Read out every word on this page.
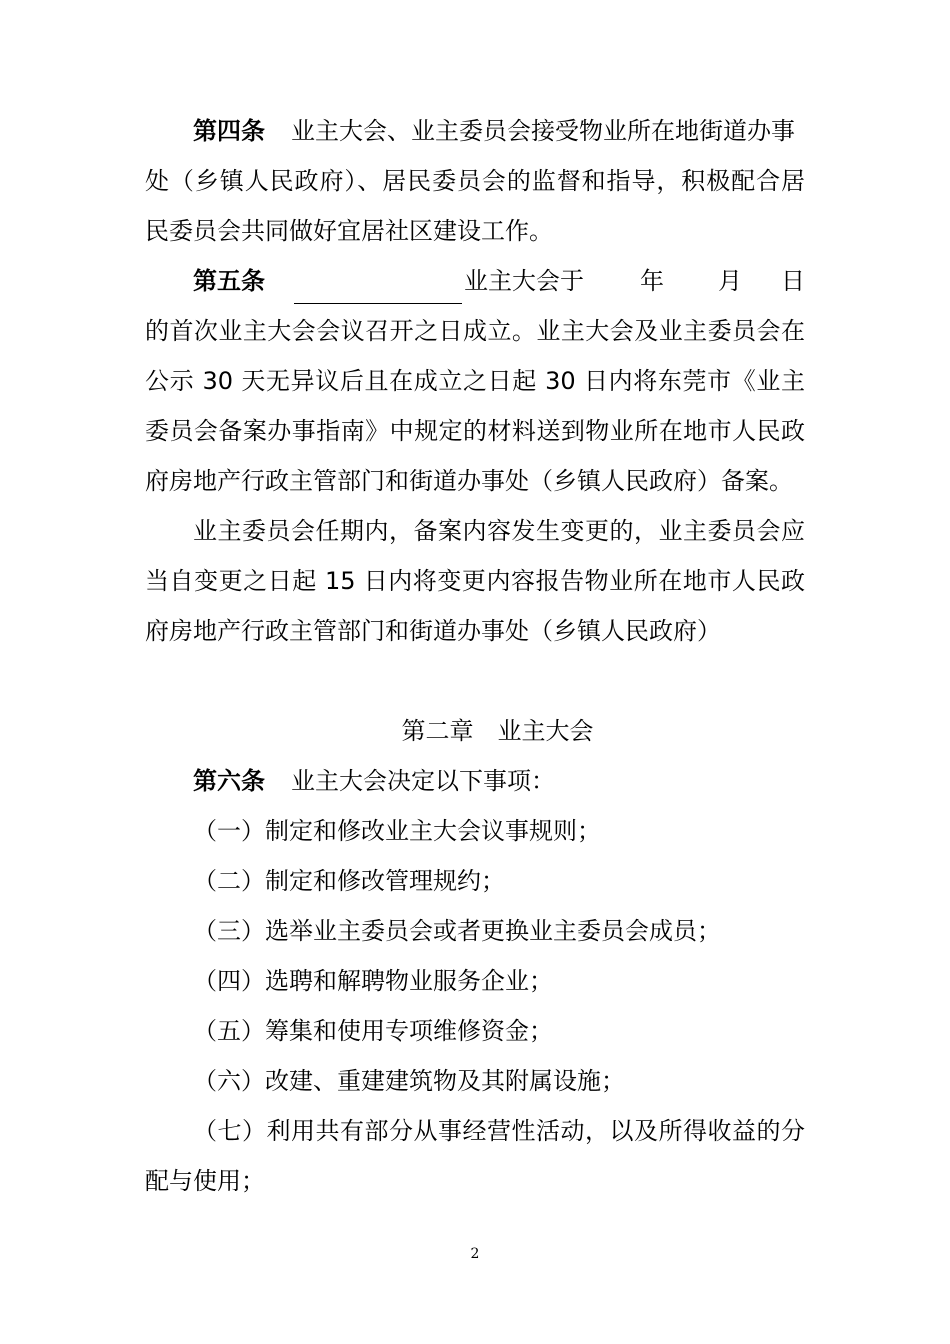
第四条 业主大会、业主委员会接受物业所在地街道办事
处（乡镇人民政府）、居民委员会的监督和指导，积极配合居
民委员会共同做好宜居社区建设工作。
第五条	业主大会于 年 月 日
的首次业主大会会议召开之日成立。业主大会及业主委员会在
公示 30 天无异议后且在成立之日起 30 日内将东莞市《业主
委员会备案办事指南》中规定的材料送到物业所在地市人民政
府房地产行政主管部门和街道办事处（乡镇人民政府）备案。
业主委员会任期内，备案内容发生变更的，业主委员会应
当自变更之日起 15 日内将变更内容报告物业所在地市人民政
府房地产行政主管部门和街道办事处（乡镇人民政府）
第二章　业主大会
第六条 业主大会决定以下事项：
（一）制定和修改业主大会议事规则；
（二）制定和修改管理规约；
（三）选举业主委员会或者更换业主委员会成员；
（四）选聘和解聘物业服务企业；
（五）筹集和使用专项维修资金；
（六）改建、重建建筑物及其附属设施；
（七）利用共有部分从事经营性活动，以及所得收益的分
配与使用；
2
